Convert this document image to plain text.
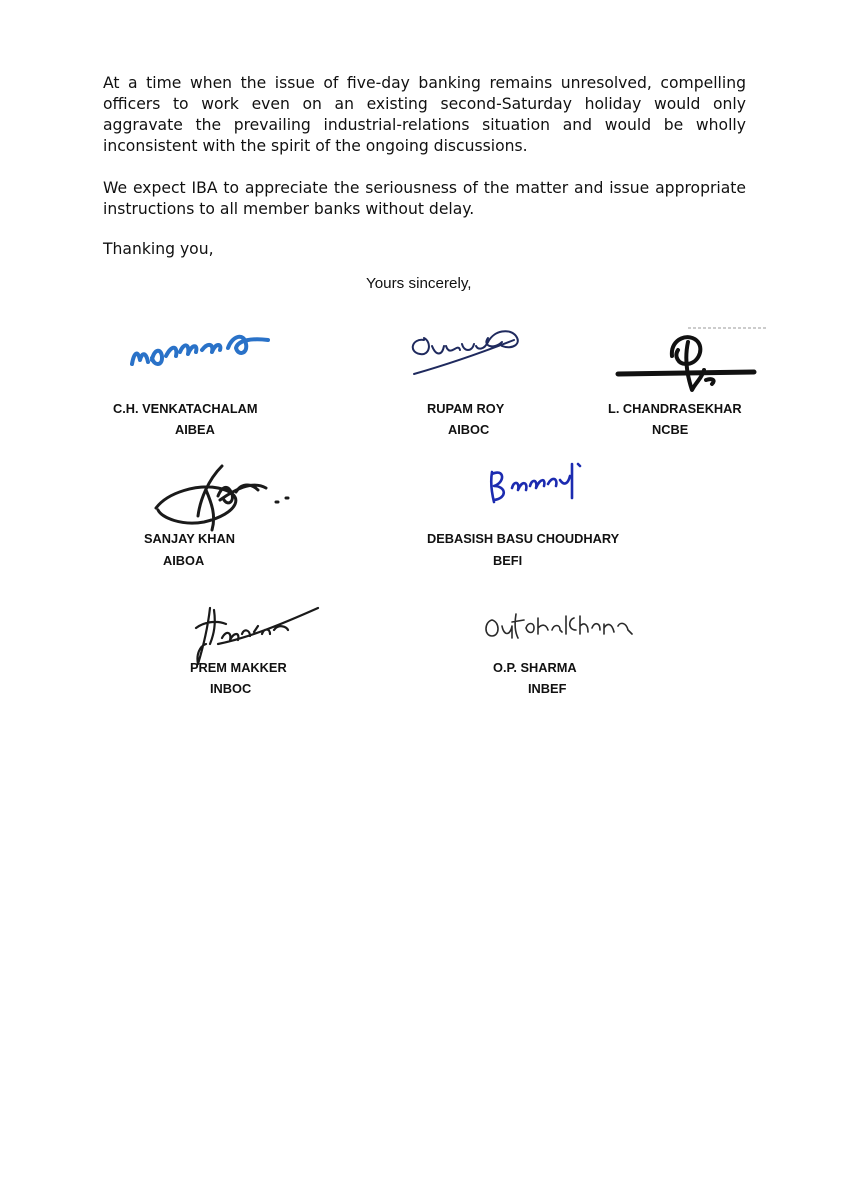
At a time when the issue of five-day banking remains unresolved, compelling officers to work even on an existing second-Saturday holiday would only aggravate the prevailing industrial-relations situation and would be wholly inconsistent with the spirit of the ongoing discussions.

We expect IBA to appreciate the seriousness of the matter and issue appropriate instructions to all member banks without delay.

Thanking you,
Yours sincerely,
C.H. VENKATACHALAM
AIBEA
RUPAM ROY
AIBOC
L. CHANDRASEKHAR
NCBE
SANJAY KHAN
AIBOA
DEBASISH BASU CHOUDHARY
BEFI
PREM MAKKER
INBOC
O.P. SHARMA
INBEF
